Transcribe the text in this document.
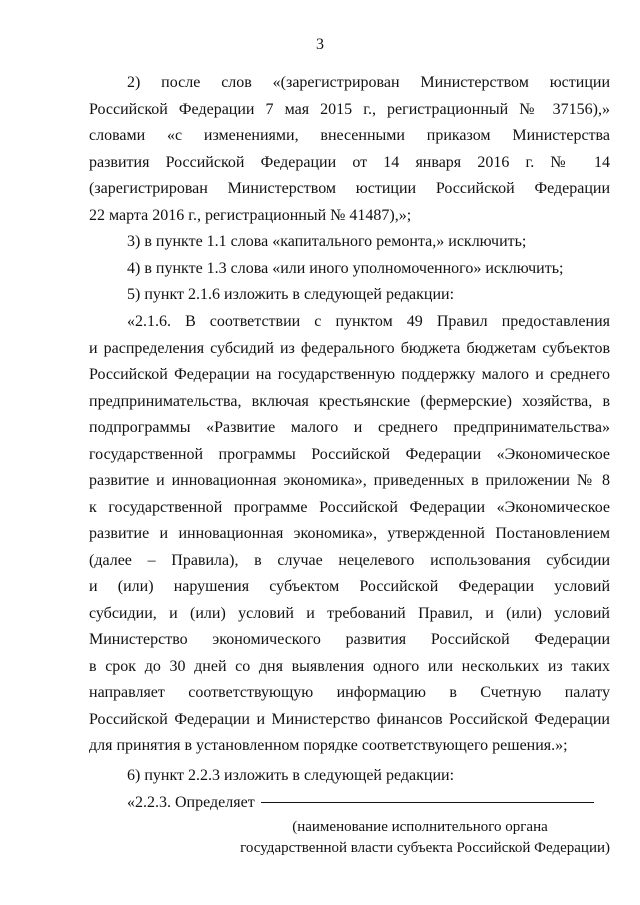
3
2) после слов «(зарегистрирован Министерством юстиции
Российской Федерации 7 мая 2015 г., регистрационный № 37156),»
словами «с изменениями, внесенными приказом Министерства
развития Российской Федерации от 14 января 2016 г. № 14
(зарегистрирован Министерством юстиции Российской Федерации
22 марта 2016 г., регистрационный № 41487),»;
3) в пункте 1.1 слова «капитального ремонта,» исключить;
4) в пункте 1.3 слова «или иного уполномоченного» исключить;
5) пункт 2.1.6 изложить в следующей редакции:
«2.1.6. В соответствии с пунктом 49 Правил предоставления
и распределения субсидий из федерального бюджета бюджетам субъектов
Российской Федерации на государственную поддержку малого и среднего
предпринимательства, включая крестьянские (фермерские) хозяйства, в
подпрограммы «Развитие малого и среднего предпринимательства»
государственной программы Российской Федерации «Экономическое
развитие и инновационная экономика», приведенных в приложении № 8
к государственной программе Российской Федерации «Экономическое
развитие и инновационная экономика», утвержденной Постановлением
(далее – Правила), в случае нецелевого использования субсидии
и (или) нарушения субъектом Российской Федерации условий
субсидии, и (или) условий и требований Правил, и (или) условий
Министерство экономического развития Российской Федерации
в срок до 30 дней со дня выявления одного или нескольких из таких
направляет соответствующую информацию в Счетную палату
Российской Федерации и Министерство финансов Российской Федерации
для принятия в установленном порядке соответствующего решения.»;
6) пункт 2.2.3 изложить в следующей редакции:
«2.2.3. Определяет
(наименование исполнительного органа
государственной власти субъекта Российской Федерации)
